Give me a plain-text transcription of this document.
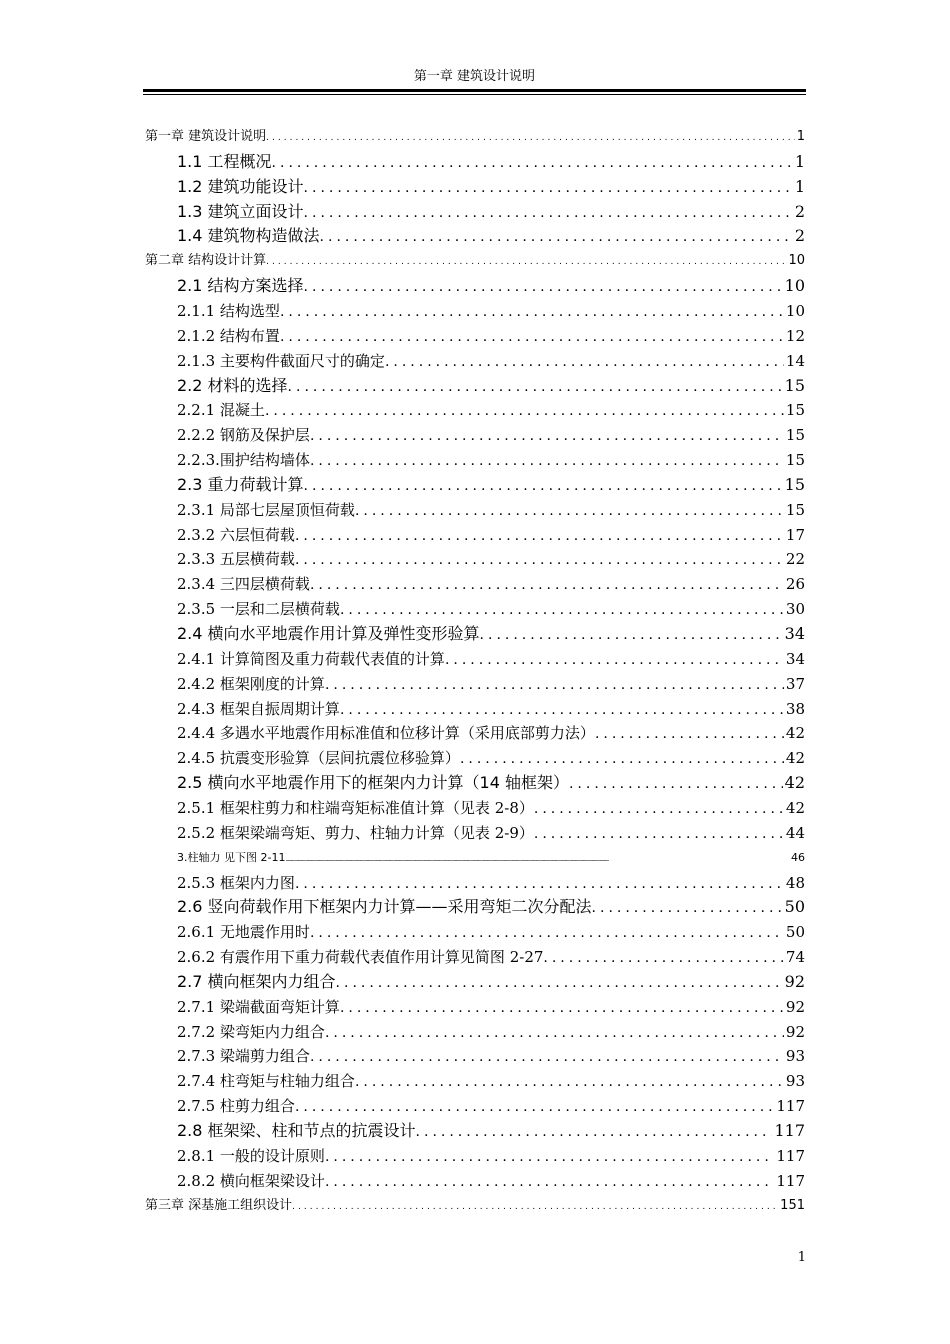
第一章 建筑设计说明
第一章 建筑设计说明 .....	1
1.1 工程概况 .....	1
1.2 建筑功能设计 .....	1
1.3 建筑立面设计 .....	2
1.4 建筑物构造做法 .....	2
第二章 结构设计计算 .....	10
2.1 结构方案选择 .....	10
2.1.1 结构选型 .....	10
2.1.2 结构布置 .....	12
2.1.3 主要构件截面尺寸的确定 .....	14
2.2 材料的选择 .....	15
2.2.1 混凝土 .....	15
2.2.2 钢筋及保护层 .....	15
2.2.3.围护结构墙体 .....	15
2.3 重力荷载计算 .....	15
2.3.1 局部七层屋顶恒荷载 .....	15
2.3.2 六层恒荷载 .....	17
2.3.3 五层横荷载 .....	22
2.3.4 三四层横荷载 .....	26
2.3.5 一层和二层横荷载 .....	30
2.4 横向水平地震作用计算及弹性变形验算 .....	34
2.4.1 计算简图及重力荷载代表值的计算 .....	34
2.4.2 框架刚度的计算 .....	37
2.4.3 框架自振周期计算 .....	38
2.4.4 多遇水平地震作用标准值和位移计算（采用底部剪力法） .....	42
2.4.5 抗震变形验算（层间抗震位移验算） .....	42
2.5 横向水平地震作用下的框架内力计算（14 轴框架） .....	42
2.5.1 框架柱剪力和柱端弯矩标准值计算（见表 2-8） .....	42
2.5.2 框架梁端弯矩、剪力、柱轴力计算（见表 2-9） .....	44
3.柱轴力 见下图 2-11 .....	46
2.5.3 框架内力图 .....	48
2.6 竖向荷载作用下框架内力计算——采用弯矩二次分配法 .....	50
2.6.1 无地震作用时 .....	50
2.6.2 有震作用下重力荷载代表值作用计算见简图 2-27 .....	74
2.7 横向框架内力组合 .....	92
2.7.1 梁端截面弯矩计算 .....	92
2.7.2 梁弯矩内力组合 .....	92
2.7.3 梁端剪力组合 .....	93
2.7.4 柱弯矩与柱轴力组合 .....	93
2.7.5 柱剪力组合 .....	117
2.8 框架梁、柱和节点的抗震设计 .....	117
2.8.1 一般的设计原则 .....	117
2.8.2 横向框架梁设计 .....	117
第三章 深基施工组织设计 .....	151
1
